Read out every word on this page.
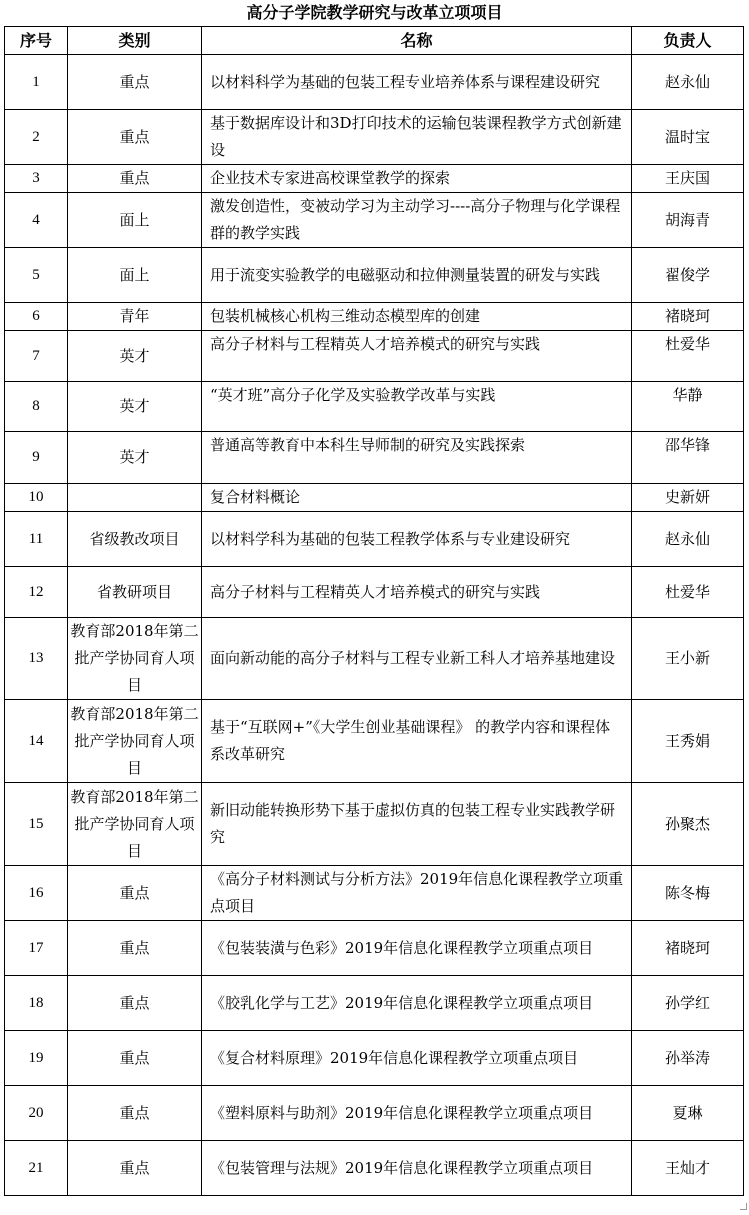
高分子学院教学研究与改革立项项目
序号	类别	名称	负责人
1	重点	以材料科学为基础的包装工程专业培养体系与课程建设研究	赵永仙
2	重点	基于数据库设计和3D打印技术的运输包装课程教学方式创新建设	温时宝
3	重点	企业技术专家进高校课堂教学的探索	王庆国
4	面上	激发创造性，变被动学习为主动学习----高分子物理与化学课程群的教学实践	胡海青
5	面上	用于流变实验教学的电磁驱动和拉伸测量装置的研发与实践	翟俊学
6	青年	包装机械核心机构三维动态模型库的创建	褚晓珂
7	英才	高分子材料与工程精英人才培养模式的研究与实践	杜爱华
8	英才	“英才班”高分子化学及实验教学改革与实践	华静
9	英才	普通高等教育中本科生导师制的研究及实践探索	邵华锋
10		复合材料概论	史新妍
11	省级教改项目	以材料学科为基础的包装工程教学体系与专业建设研究	赵永仙
12	省教研项目	高分子材料与工程精英人才培养模式的研究与实践	杜爱华
13	教育部2018年第二批产学协同育人项目	面向新动能的高分子材料与工程专业新工科人才培养基地建设	王小新
14	教育部2018年第二批产学协同育人项目	基于“互联网+”《大学生创业基础课程》 的教学内容和课程体系改革研究	王秀娟
15	教育部2018年第二批产学协同育人项目	新旧动能转换形势下基于虚拟仿真的包装工程专业实践教学研究	孙聚杰
16	重点	《高分子材料测试与分析方法》2019年信息化课程教学立项重点项目	陈冬梅
17	重点	《包装装潢与色彩》2019年信息化课程教学立项重点项目	褚晓珂
18	重点	《胶乳化学与工艺》2019年信息化课程教学立项重点项目	孙学红
19	重点	《复合材料原理》2019年信息化课程教学立项重点项目	孙举涛
20	重点	《塑料原料与助剂》2019年信息化课程教学立项重点项目	夏琳
21	重点	《包装管理与法规》2019年信息化课程教学立项重点项目	王灿才
